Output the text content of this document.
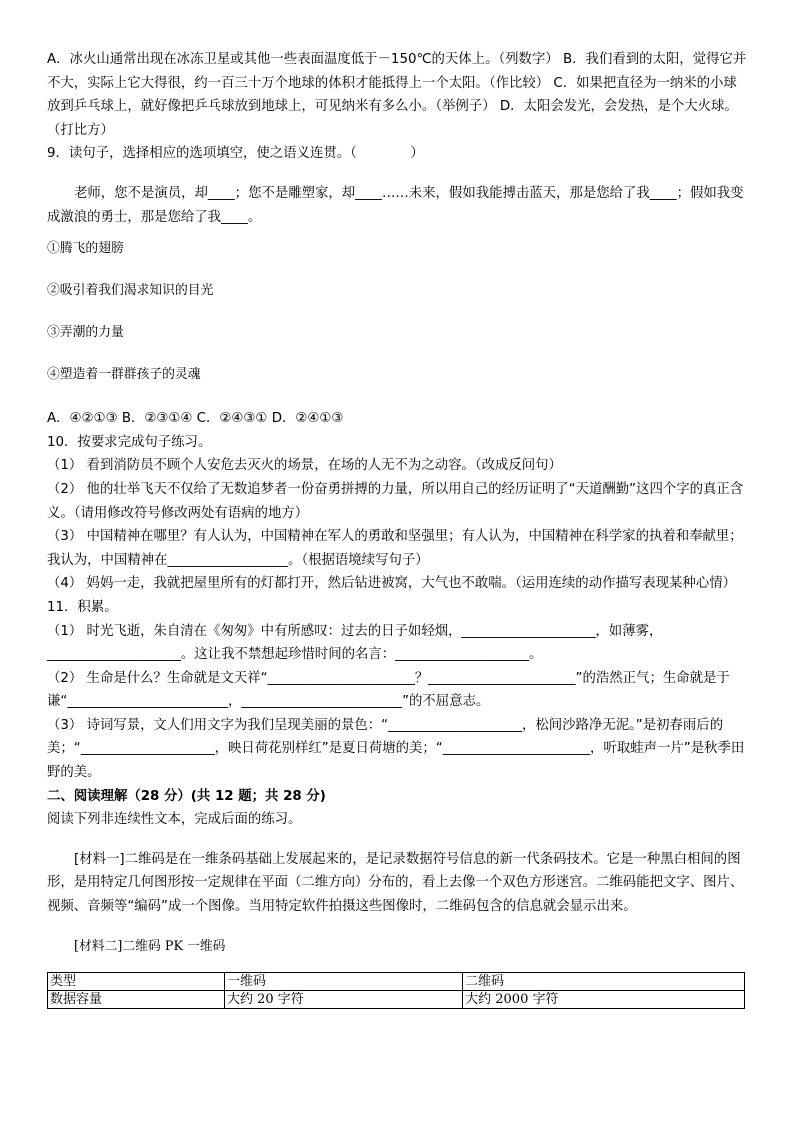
A．冰火山通常出现在冰冻卫星或其他一些表面温度低于－150℃的天体上。（列数字） B．我们看到的太阳，觉得它并不大，实际上它大得很，约一百三十万个地球的体积才能抵得上一个太阳。（作比较） C．如果把直径为一纳米的小球放到乒乓球上，就好像把乒乓球放到地球上，可见纳米有多么小。（举例子） D．太阳会发光，会发热，是个大火球。（打比方）

9．读句子，选择相应的选项填空，使之语义连贯。（　　　　）

老师，您不是演员，却____；您不是雕塑家，却____……未来，假如我能搏击蓝天，那是您给了我____；假如我变成激浪的勇士，那是您给了我____。

①腾飞的翅膀

②吸引着我们渴求知识的目光

③弄潮的力量

④塑造着一群群孩子的灵魂

A．④②①③ B．②③①④ C．②④③① D．②④①③

10．按要求完成句子练习。

（1） 看到消防员不顾个人安危去灭火的场景，在场的人无不为之动容。（改成反问句）

（2） 他的壮举飞天不仅给了无数追梦者一份奋勇拼搏的力量，所以用自己的经历证明了“天道酬勤”这四个字的真正含义。（请用修改符号修改两处有语病的地方）

（3） 中国精神在哪里？有人认为，中国精神在军人的勇敢和坚强里；有人认为，中国精神在科学家的执着和奉献里；我认为，中国精神在__________________。（根据语境续写句子）

（4） 妈妈一走，我就把屋里所有的灯都打开，然后钻进被窝，大气也不敢喘。（运用连续的动作描写表现某种心情）

11．积累。

（1） 时光飞逝，朱自清在《匆匆》中有所感叹：过去的日子如轻烟，____________________，如薄雾，____________________。这让我不禁想起珍惜时间的名言：____________________。

（2） 生命是什么？生命就是文天祥“______________________？______________________”的浩然正气；生命就是于谦“________________________，________________________”的不屈意志。

（3） 诗词写景，文人们用文字为我们呈现美丽的景色：“____________________，松间沙路净无泥。”是初春雨后的美；“____________________，映日荷花别样红”是夏日荷塘的美；“______________________，听取蛙声一片”是秋季田野的美。

二、阅读理解（28 分）(共 12 题；共 28 分)

阅读下列非连续性文本，完成后面的练习。

[材料一]二维码是在一维条码基础上发展起来的，是记录数据符号信息的新一代条码技术。它是一种黑白相间的图形，是用特定几何图形按一定规律在平面（二维方向）分布的，看上去像一个双色方形迷宫。二维码能把文字、图片、视频、音频等“编码”成一个图像。当用特定软件拍摄这些图像时，二维码包含的信息就会显示出来。

[材料二]二维码 PK 一维码

类型	一维码	二维码
数据容量	大约 20 字符	大约 2000 字符
